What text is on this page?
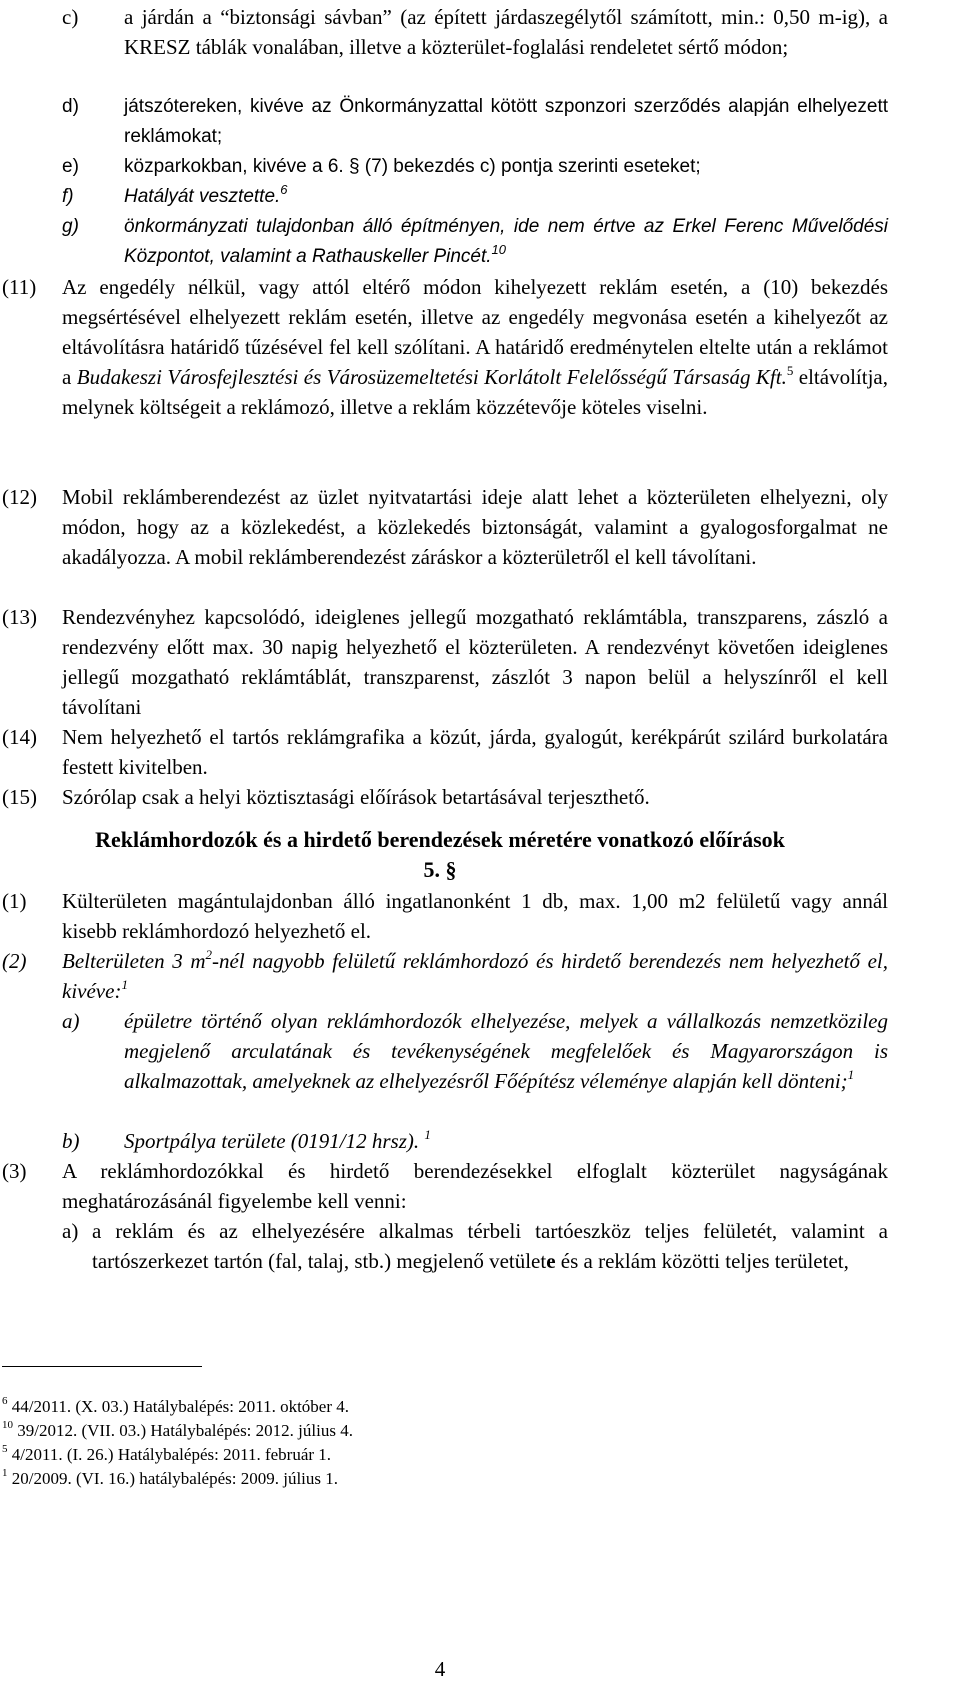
c) a járdán a “biztonsági sávban” (az épített járdaszegélytől számított, min.: 0,50 m-ig), a KRESZ táblák vonalában, illetve a közterület-foglalási rendeletet sértő módon;
d) játszótereken, kivéve az Önkormányzattal kötött szponzori szerződés alapján elhelyezett reklámokat;
e) közparkokban, kivéve a 6. § (7) bekezdés c) pontja szerinti eseteket;
f)	Hatályát vesztette.$^6$
g) önkormányzati tulajdonban álló építményen, ide nem értve az Erkel Ferenc Művelődési Központot, valamint a Rathauskeller Pincét.$^{10}$
(11) Az engedély nélkül, vagy attól eltérő módon kihelyezett reklám esetén, a (10) bekezdés megsértésével elhelyezett reklám esetén, illetve az engedély megvonása esetén a kihelyezőt az eltávolításra határidő tűzésével fel kell szólítani. A határidő eredménytelen eltelte után a reklámot a Budakeszi Városfejlesztési és Városüzemeltetési Korlátolt Felelősségű Társaság Kft.$^5$ eltávolítja, melynek költségeit a reklámozó, illetve a reklám közzétevője köteles viselni.
(12) Mobil reklámberendezést az üzlet nyitvatartási ideje alatt lehet a közterületen elhelyezni, oly módon, hogy az a közlekedést, a közlekedés biztonságát, valamint a gyalogosforgalmat ne akadályozza. A mobil reklámberendezést záráskor a közterületről el kell távolítani.
(13) Rendezvényhez kapcsolódó, ideiglenes jellegű mozgatható reklámtábla, transzparens, zászló a rendezvény előtt max. 30 napig helyezhető el közterületen. A rendezvényt követően ideiglenes jellegű mozgatható reklámtáblát, transzparenst, zászlót 3 napon belül a helyszínről el kell távolítani
(14) Nem helyezhető el tartós reklámgrafika a közút, járda, gyalogút, kerékpárút szilárd burkolatára festett kivitelben.
(15) Szórólap csak a helyi köztisztasági előírások betartásával terjeszthető.
Reklámhordozók és a hirdető berendezések méretére vonatkozó előírások
5. §
(1) Külterületen magántulajdonban álló ingatlanonként 1 db, max. 1,00 m2 felületű vagy annál kisebb reklámhordozó helyezhető el.
(2) Belterületen 3 $m^2$-nél nagyobb felületű reklámhordozó és hirdető berendezés nem helyezhető el, kivéve:$^1$
a) épületre történő olyan reklámhordozók elhelyezése, melyek a vállalkozás nemzetközileg megjelenő arculatának és tevékenységének megfelelőek és Magyarországon is alkalmazottak, amelyeknek az elhelyezésről Főépítész véleménye alapján kell dönteni;$^1$
b) Sportpálya területe (0191/12 hrsz). $^1$
(3) A reklámhordozókkal és hirdető berendezésekkel elfoglalt közterület nagyságának meghatározásánál figyelembe kell venni:
a) a reklám és az elhelyezésére alkalmas térbeli tartóeszköz teljes felületét, valamint a tartószerkezet tartón (fal, talaj, stb.) megjelenő vetülete és a reklám közötti teljes területet,
$^6$ 44/2011. (X. 03.) Hatálybalépés: 2011. október 4.
$^{10}$ 39/2012. (VII. 03.) Hatálybalépés: 2012. július 4.
$^5$ 4/2011. (I. 26.) Hatálybalépés: 2011. február 1.
$^1$ 20/2009. (VI. 16.) hatálybalépés: 2009. július 1.
4
